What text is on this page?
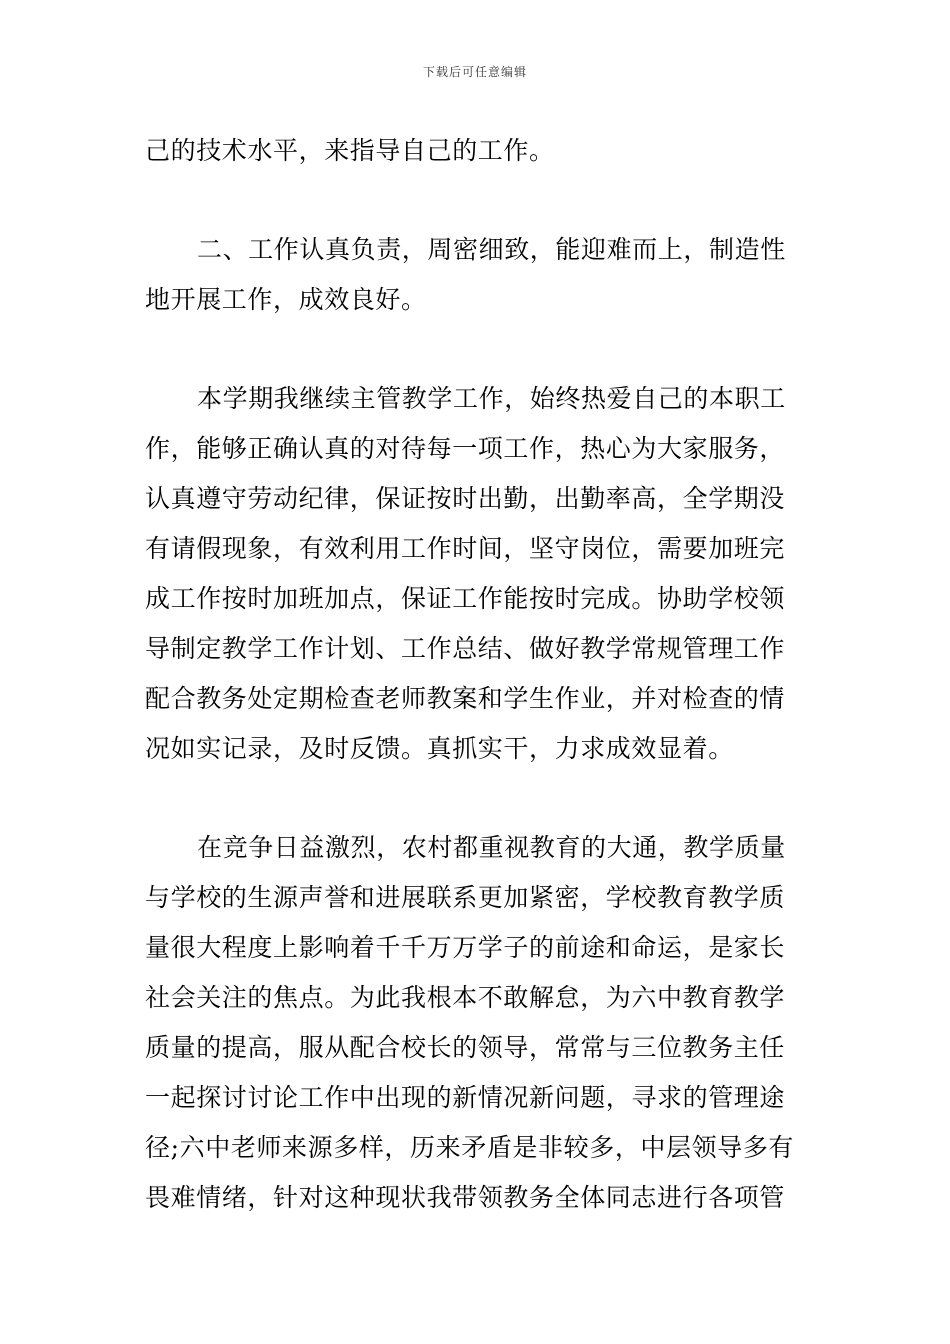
下载后可任意编辑
己的技术水平，来指导自己的工作。
二、工作认真负责，周密细致，能迎难而上，制造性
地开展工作，成效良好。
本学期我继续主管教学工作，始终热爱自己的本职工
作，能够正确认真的对待每一项工作，热心为大家服务，
认真遵守劳动纪律，保证按时出勤，出勤率高，全学期没
有请假现象，有效利用工作时间，坚守岗位，需要加班完
成工作按时加班加点，保证工作能按时完成。协助学校领
导制定教学工作计划、工作总结、做好教学常规管理工作
配合教务处定期检查老师教案和学生作业，并对检查的情
况如实记录，及时反馈。真抓实干，力求成效显着。
在竞争日益激烈，农村都重视教育的大通，教学质量
与学校的生源声誉和进展联系更加紧密，学校教育教学质
量很大程度上影响着千千万万学子的前途和命运，是家长
社会关注的焦点。为此我根本不敢解怠，为六中教育教学
质量的提高，服从配合校长的领导，常常与三位教务主任
一起探讨讨论工作中出现的新情况新问题，寻求的管理途
径;六中老师来源多样，历来矛盾是非较多，中层领导多有
畏难情绪，针对这种现状我带领教务全体同志进行各项管
